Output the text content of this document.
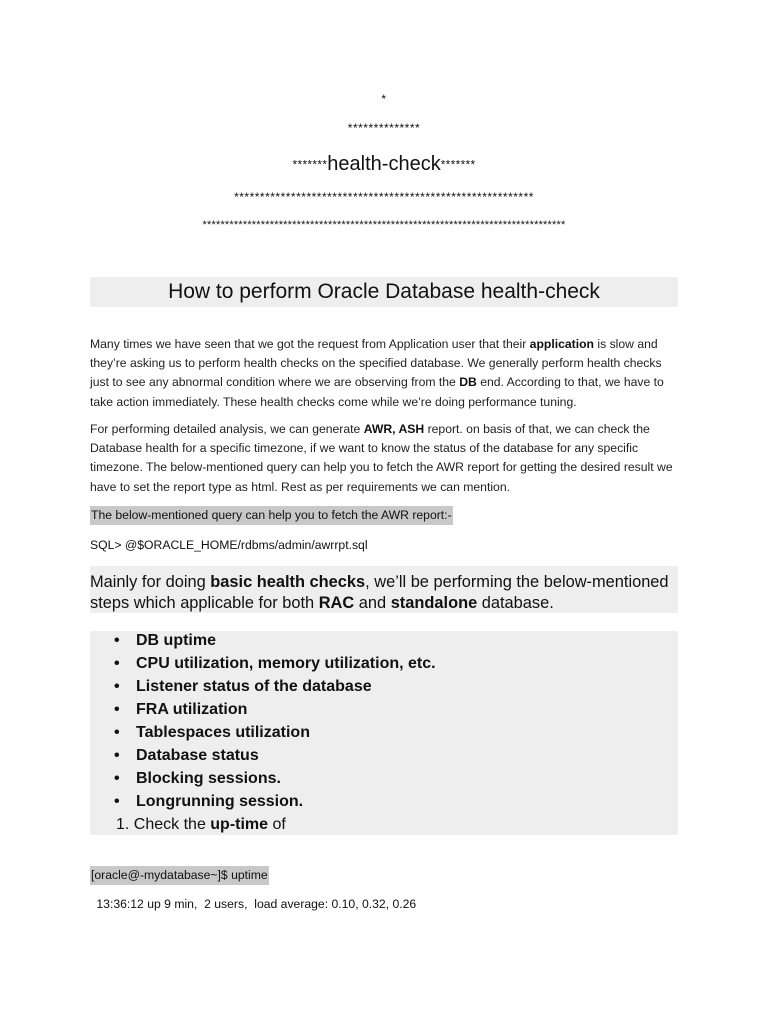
*
**************
*******health-check*******
**********************************************************
*********************************************************************************
How to perform Oracle Database health-check

Many times we have seen that we got the request from Application user that their application is slow and they’re asking us to perform health checks on the specified database. We generally perform health checks just to see any abnormal condition where we are observing from the DB end. According to that, we have to take action immediately. These health checks come while we’re doing performance tuning.

For performing detailed analysis, we can generate AWR, ASH report. on basis of that, we can check the Database health for a specific timezone, if we want to know the status of the database for any specific timezone. The below-mentioned query can help you to fetch the AWR report for getting the desired result we have to set the report type as html. Rest as per requirements we can mention.

The below-mentioned query can help you to fetch the AWR report:-
SQL> @$ORACLE_HOME/rdbms/admin/awrrpt.sql

Mainly for doing basic health checks, we’ll be performing the below-mentioned steps which applicable for both RAC and standalone database.

• DB uptime
• CPU utilization, memory utilization, etc.
• Listener status of the database
• FRA utilization
• Tablespaces utilization
• Database status
• Blocking sessions.
• Longrunning session.
1. Check the up-time of
[oracle@-mydatabase~]$ uptime
13:36:12 up 9 min,  2 users,  load average: 0.10, 0.32, 0.26
